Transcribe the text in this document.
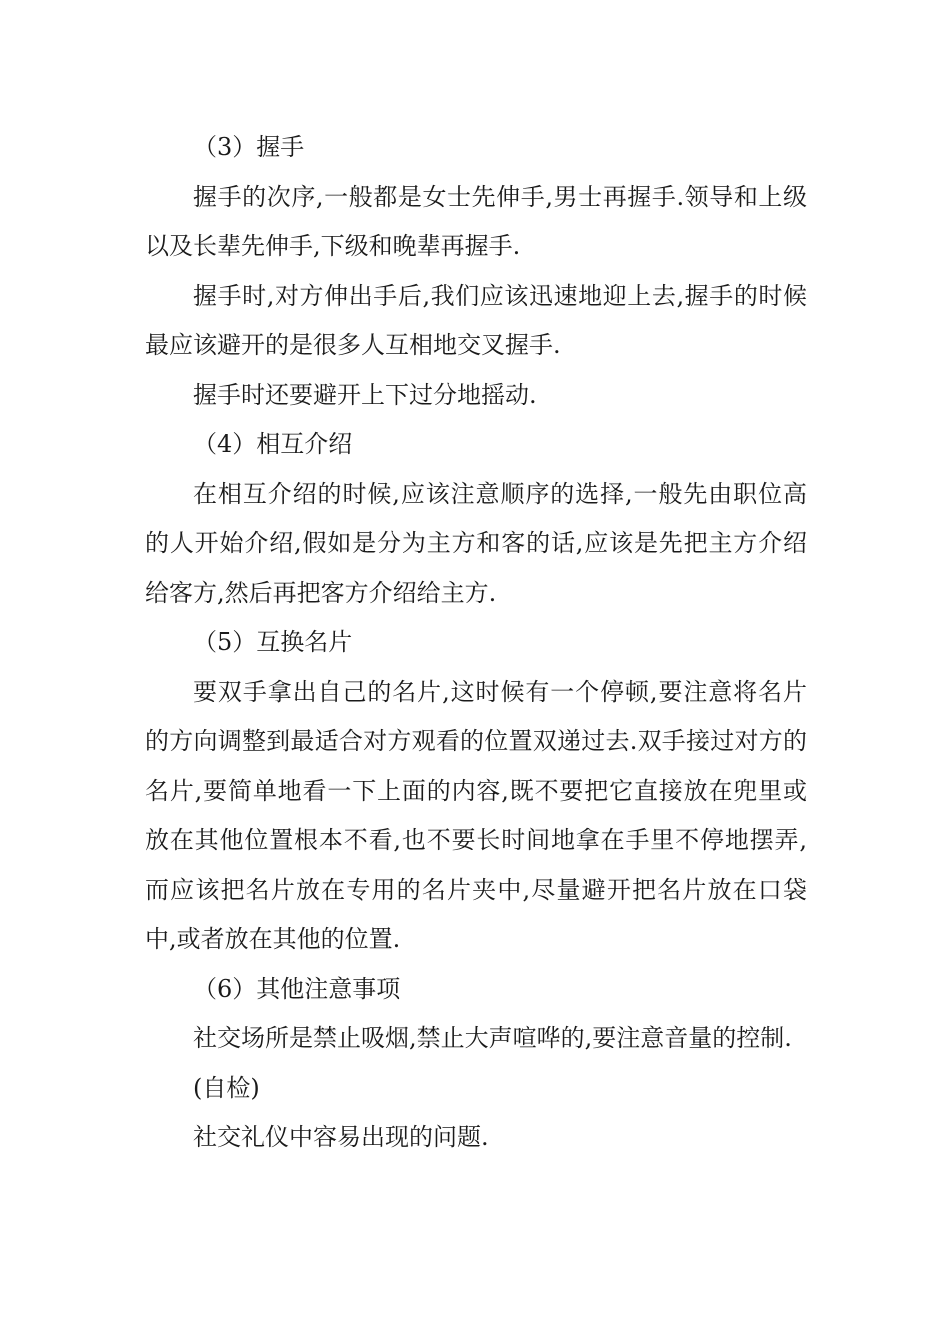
（3）握手

握手的次序,一般都是女士先伸手,男士再握手.领导和上级以及长辈先伸手,下级和晚辈再握手.

握手时,对方伸出手后,我们应该迅速地迎上去,握手的时候最应该避开的是很多人互相地交叉握手.

握手时还要避开上下过分地摇动.

（4）相互介绍

在相互介绍的时候,应该注意顺序的选择,一般先由职位高的人开始介绍,假如是分为主方和客的话,应该是先把主方介绍给客方,然后再把客方介绍给主方.

（5）互换名片

要双手拿出自己的名片,这时候有一个停顿,要注意将名片的方向调整到最适合对方观看的位置双递过去.双手接过对方的名片,要简单地看一下上面的内容,既不要把它直接放在兜里或放在其他位置根本不看,也不要长时间地拿在手里不停地摆弄,而应该把名片放在专用的名片夹中,尽量避开把名片放在口袋中,或者放在其他的位置.

（6）其他注意事项

社交场所是禁止吸烟,禁止大声喧哗的,要注意音量的控制.

(自检)

社交礼仪中容易出现的问题.
